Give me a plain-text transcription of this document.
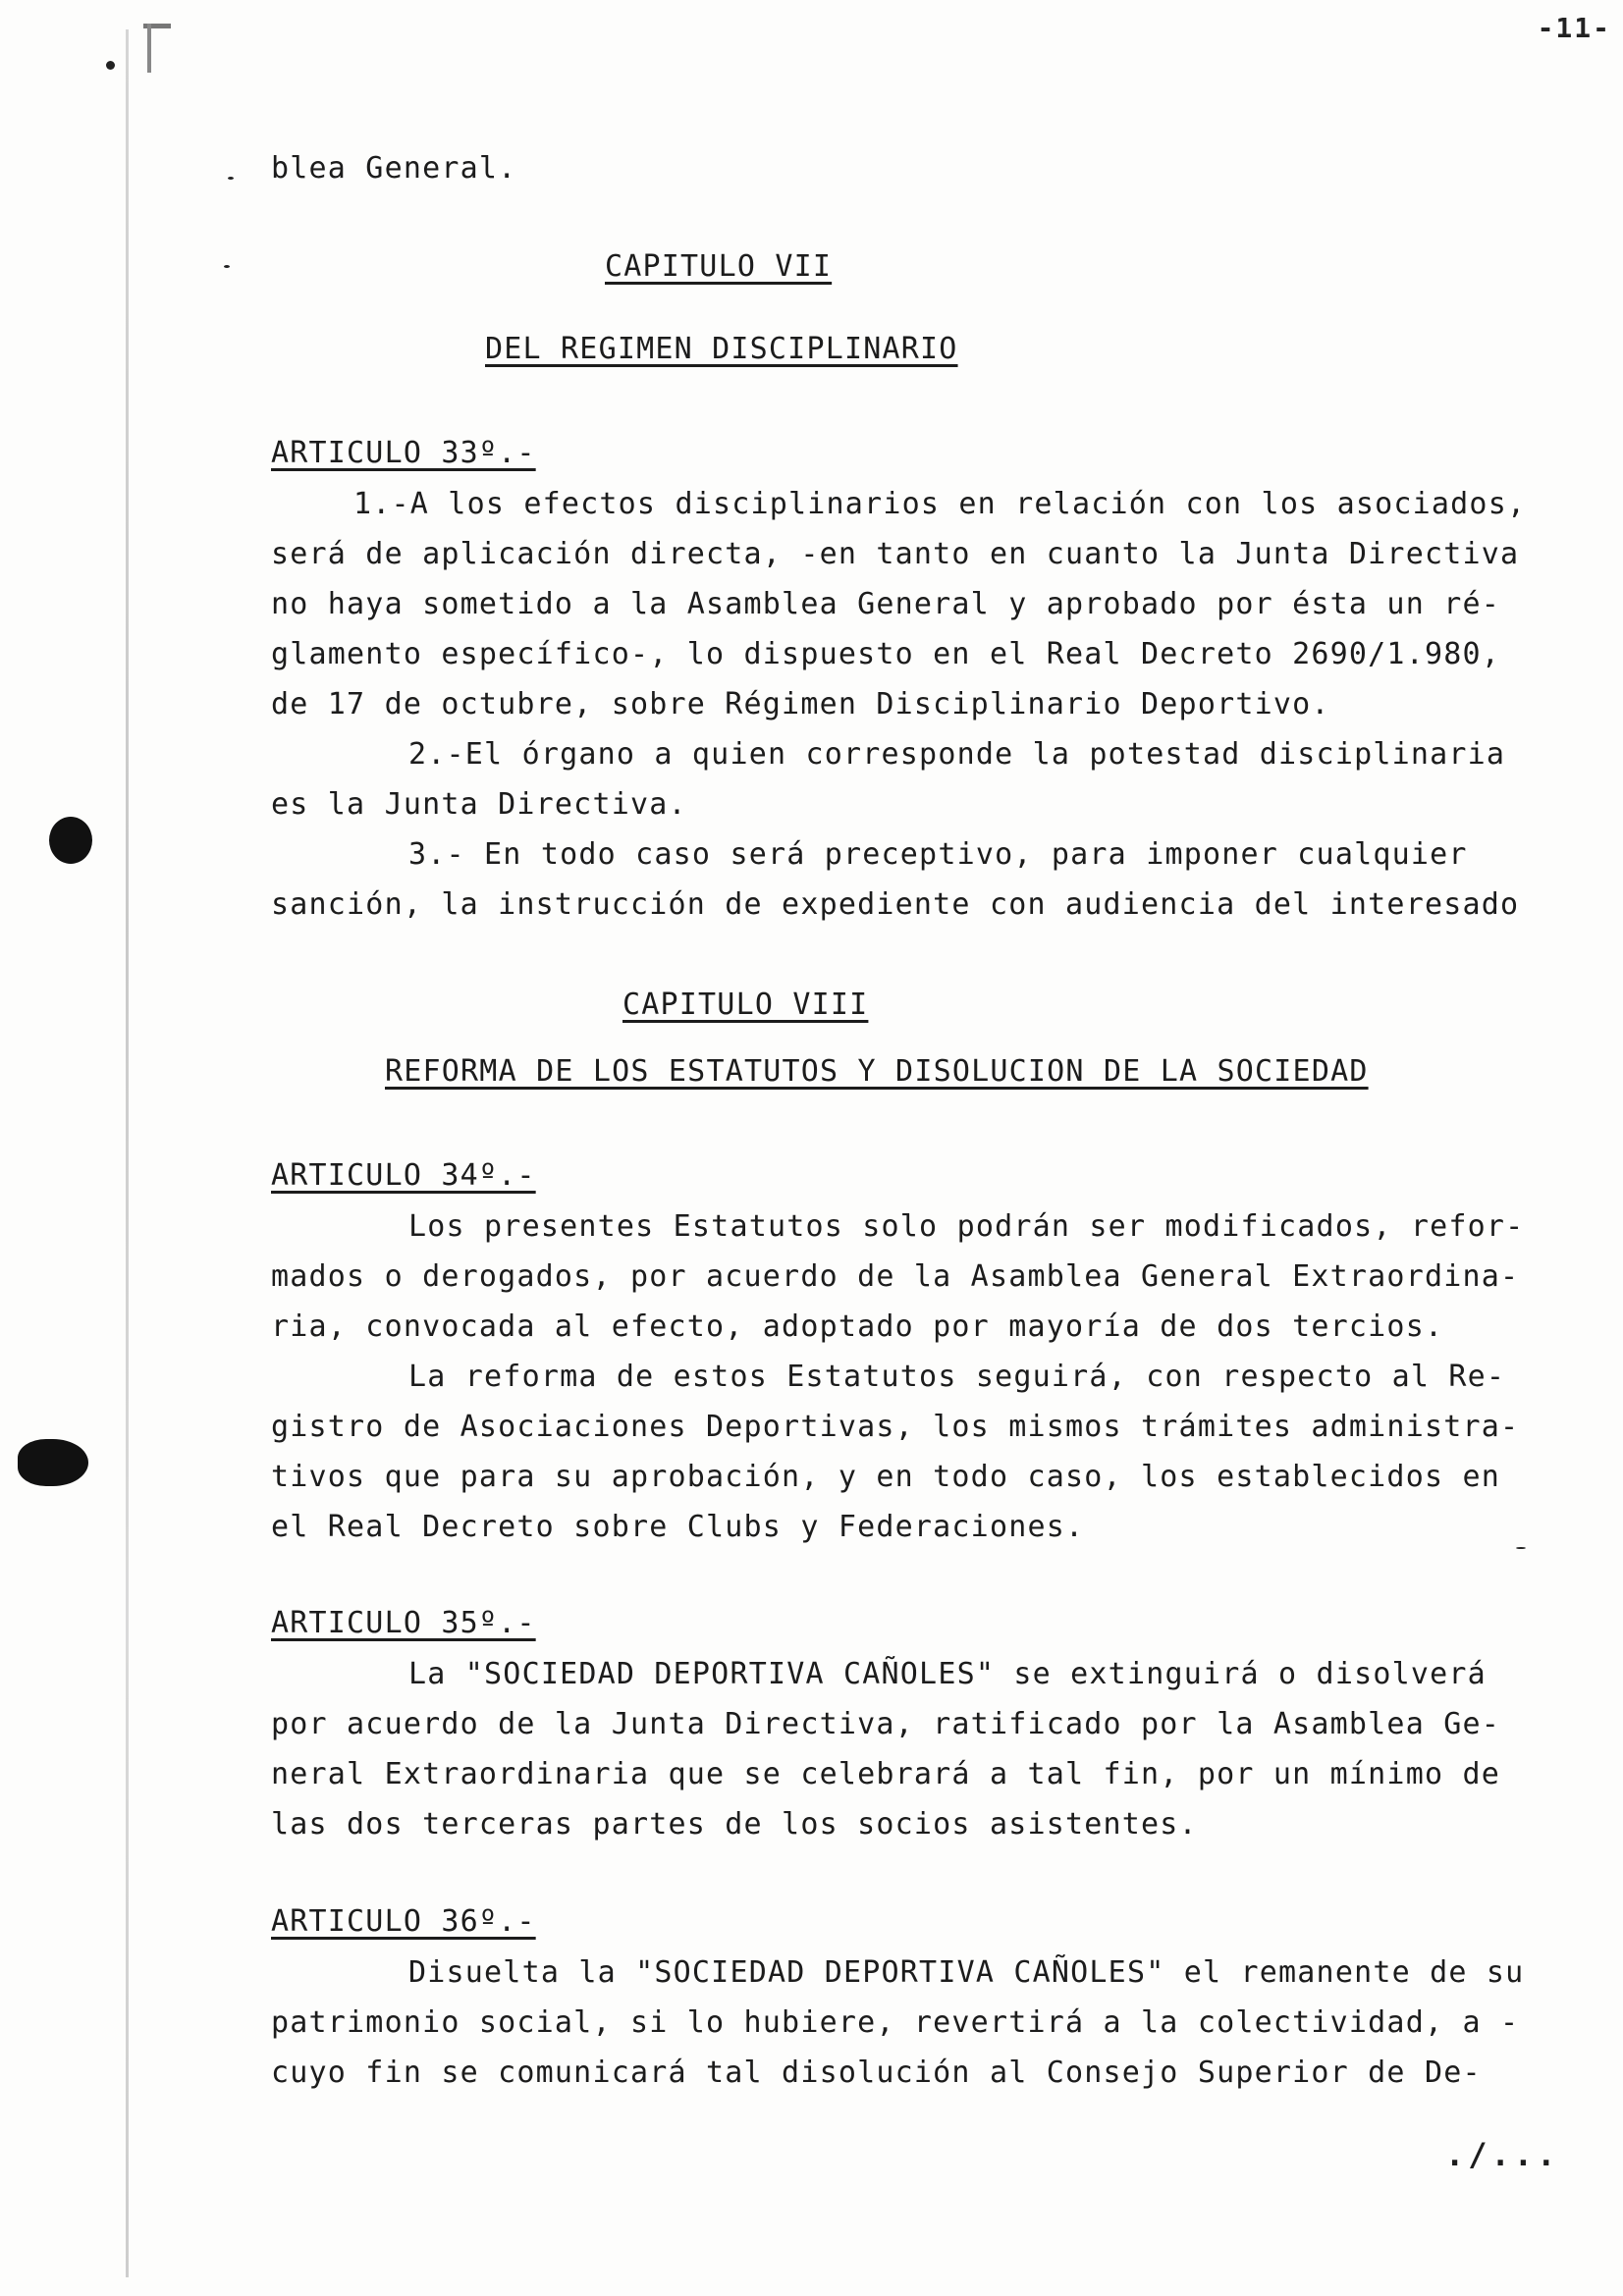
-11-
blea General.
CAPITULO VII
DEL REGIMEN DISCIPLINARIO
ARTICULO 33º.-
1.-A los efectos disciplinarios en relación con los asociados,
será de aplicación directa, -en tanto en cuanto la Junta Directiva
no haya sometido a la Asamblea General y aprobado por ésta un ré-
glamento específico-, lo dispuesto en el Real Decreto 2690/1.980,
de 17 de octubre, sobre Régimen Disciplinario Deportivo.
2.-El órgano a quien corresponde la potestad disciplinaria
es la Junta Directiva.
3.- En todo caso será preceptivo, para imponer cualquier
sanción, la instrucción de expediente con audiencia del interesado
CAPITULO VIII
REFORMA DE LOS ESTATUTOS Y DISOLUCION DE LA SOCIEDAD
ARTICULO 34º.-
Los presentes Estatutos solo podrán ser modificados, refor-
mados o derogados, por acuerdo de la Asamblea General Extraordina-
ria, convocada al efecto, adoptado por mayoría de dos tercios.
La reforma de estos Estatutos seguirá, con respecto al Re-
gistro de Asociaciones Deportivas, los mismos trámites administra-
tivos que para su aprobación, y en todo caso, los establecidos en
el Real Decreto sobre Clubs y Federaciones.
ARTICULO 35º.-
La "SOCIEDAD DEPORTIVA CAÑOLES" se extinguirá o disolverá
por acuerdo de la Junta Directiva, ratificado por la Asamblea Ge-
neral Extraordinaria que se celebrará a tal fin, por un mínimo de
las dos terceras partes de los socios asistentes.
ARTICULO 36º.-
Disuelta la "SOCIEDAD DEPORTIVA CAÑOLES" el remanente de su
patrimonio social, si lo hubiere, revertirá a la colectividad, a -
cuyo fin se comunicará tal disolución al Consejo Superior de De-
./...
